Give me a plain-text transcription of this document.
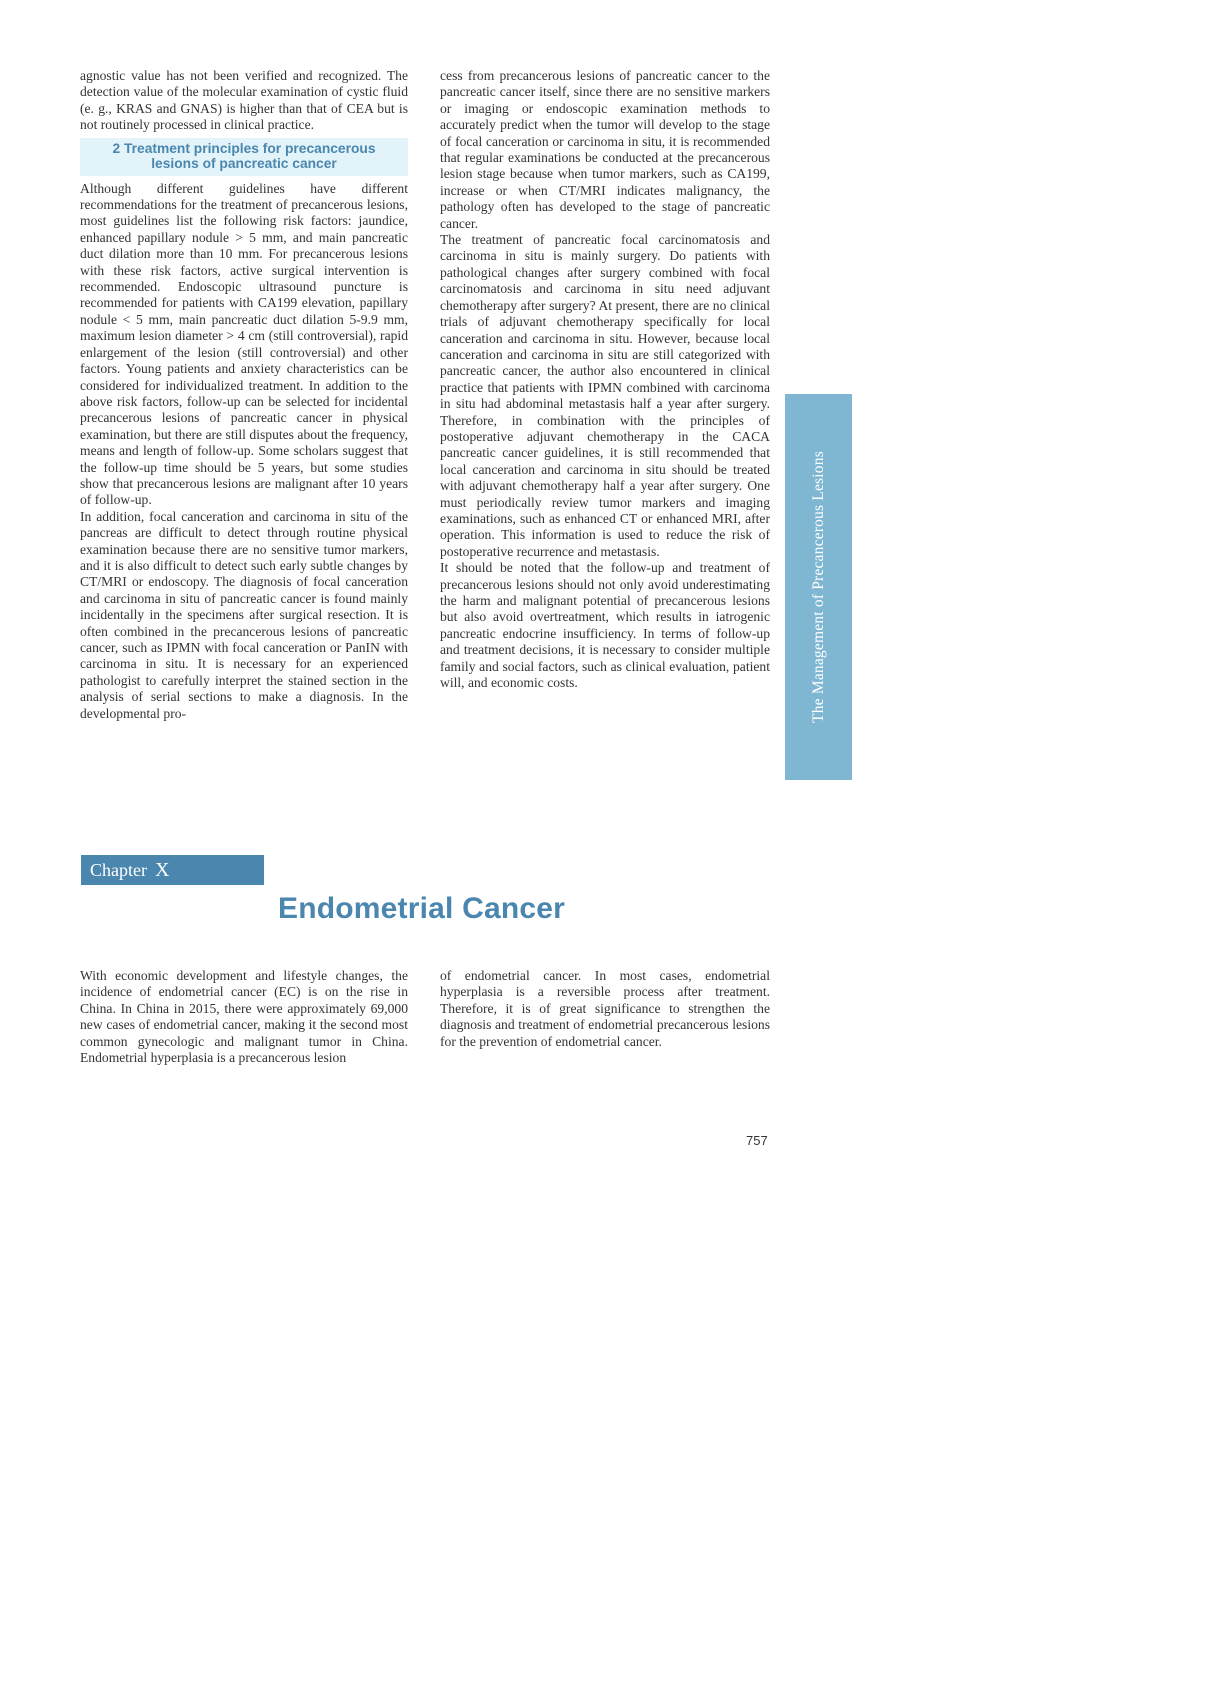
agnostic value has not been verified and recognized. The detection value of the molecular examination of cystic fluid (e. g., KRAS and GNAS) is higher than that of CEA but is not routinely processed in clinical practice.

2 Treatment principles for precancerous
lesions of pancreatic cancer

Although different guidelines have different recommendations for the treatment of precancerous lesions, most guidelines list the following risk factors: jaundice, enhanced papillary nodule > 5 mm, and main pancreatic duct dilation more than 10 mm. For precancerous lesions with these risk factors, active surgical intervention is recommended. Endoscopic ultrasound puncture is recommended for patients with CA199 elevation, papillary nodule < 5 mm, main pancreatic duct dilation 5-9.9 mm, maximum lesion diameter > 4 cm (still controversial), rapid enlargement of the lesion (still controversial) and other factors. Young patients and anxiety characteristics can be considered for individualized treatment. In addition to the above risk factors, follow-up can be selected for incidental precancerous lesions of pancreatic cancer in physical examination, but there are still disputes about the frequency, means and length of follow-up. Some scholars suggest that the follow-up time should be 5 years, but some studies show that precancerous lesions are malignant after 10 years of follow-up.

In addition, focal canceration and carcinoma in situ of the pancreas are difficult to detect through routine physical examination because there are no sensitive tumor markers, and it is also difficult to detect such early subtle changes by CT/MRI or endoscopy. The diagnosis of focal canceration and carcinoma in situ of pancreatic cancer is found mainly incidentally in the specimens after surgical resection. It is often combined in the precancerous lesions of pancreatic cancer, such as IPMN with focal canceration or PanIN with carcinoma in situ. It is necessary for an experienced pathologist to carefully interpret the stained section in the analysis of serial sections to make a diagnosis. In the developmental pro-

cess from precancerous lesions of pancreatic cancer to the pancreatic cancer itself, since there are no sensitive markers or imaging or endoscopic examination methods to accurately predict when the tumor will develop to the stage of focal canceration or carcinoma in situ, it is recommended that regular examinations be conducted at the precancerous lesion stage because when tumor markers, such as CA199, increase or when CT/MRI indicates malignancy, the pathology often has developed to the stage of pancreatic cancer.

The treatment of pancreatic focal carcinomatosis and carcinoma in situ is mainly surgery. Do patients with pathological changes after surgery combined with focal carcinomatosis and carcinoma in situ need adjuvant chemotherapy after surgery? At present, there are no clinical trials of adjuvant chemotherapy specifically for local canceration and carcinoma in situ. However, because local canceration and carcinoma in situ are still categorized with pancreatic cancer, the author also encountered in clinical practice that patients with IPMN combined with carcinoma in situ had abdominal metastasis half a year after surgery. Therefore, in combination with the principles of postoperative adjuvant chemotherapy in the CACA pancreatic cancer guidelines, it is still recommended that local canceration and carcinoma in situ should be treated with adjuvant chemotherapy half a year after surgery. One must periodically review tumor markers and imaging examinations, such as enhanced CT or enhanced MRI, after operation. This information is used to reduce the risk of postoperative recurrence and metastasis.

It should be noted that the follow-up and treatment of precancerous lesions should not only avoid underestimating the harm and malignant potential of precancerous lesions but also avoid overtreatment, which results in iatrogenic pancreatic endocrine insufficiency. In terms of follow-up and treatment decisions, it is necessary to consider multiple family and social factors, such as clinical evaluation, patient will, and economic costs.	The Management of Precancerous Lesions
Chapter X
Endometrial Cancer

With economic development and lifestyle changes, the incidence of endometrial cancer (EC) is on the rise in China. In China in 2015, there were approximately 69,000 new cases of endometrial cancer, making it the second most common gynecologic and malignant tumor in China. Endometrial hyperplasia is a precancerous lesion

of endometrial cancer. In most cases, endometrial hyperplasia is a reversible process after treatment. Therefore, it is of great significance to strengthen the diagnosis and treatment of endometrial precancerous lesions for the prevention of endometrial cancer.

757
